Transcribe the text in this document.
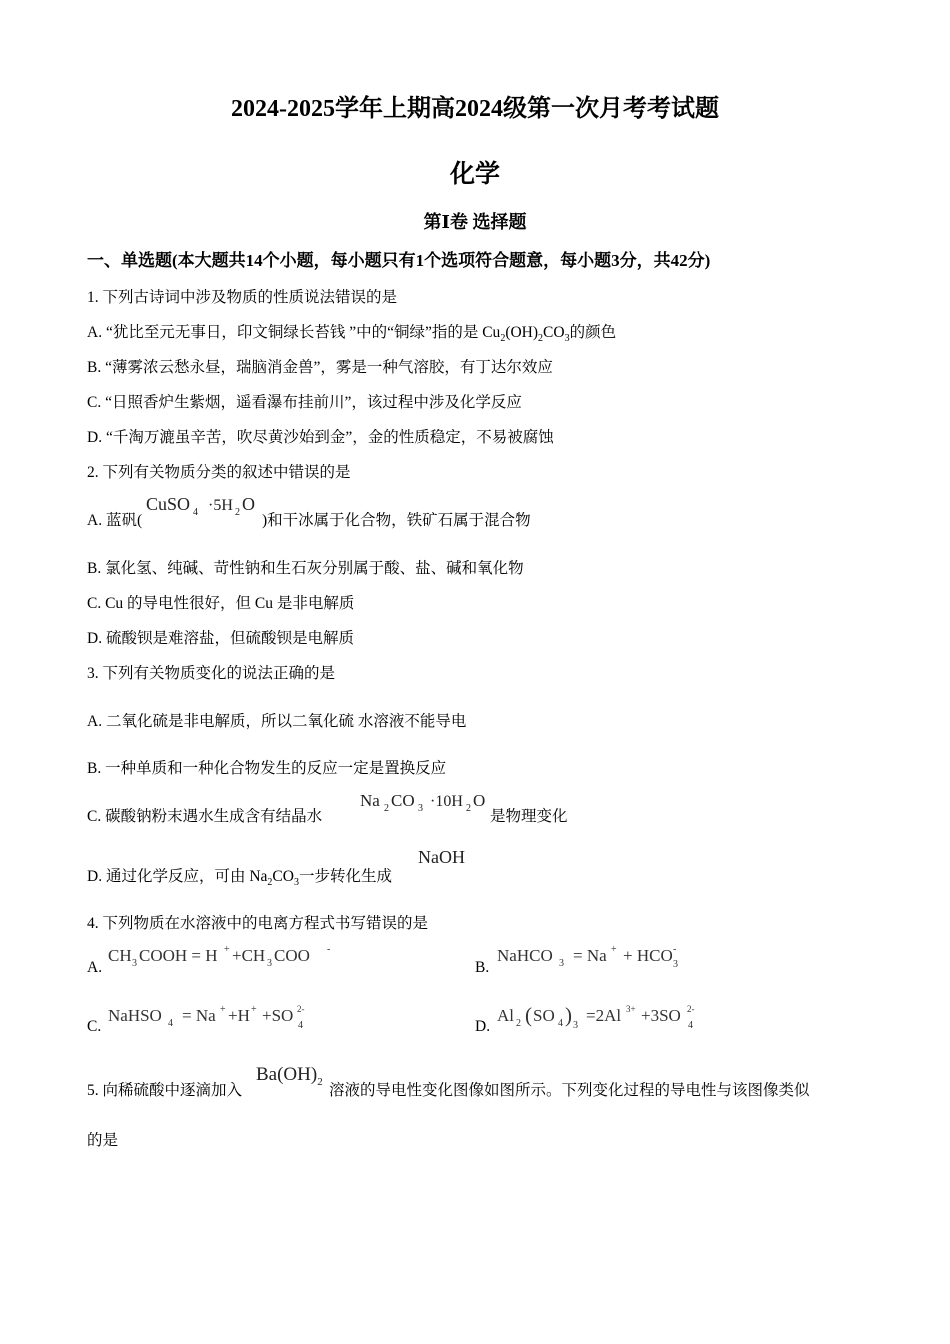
2024-2025学年上期高2024级第一次月考考试题
化学
第Ⅰ卷 选择题
一、单选题(本大题共14个小题，每小题只有1个选项符合题意，每小题3分，共42分)
1. 下列古诗词中涉及物质的性质说法错误的是
A. “犹比至元无事日，印文铜绿长苔钱 ”中的“铜绿”指的是 $Cu_2(OH)_2CO_3$的颜色
B. “薄雾浓云愁永昼，瑞脑消金兽”，雾是一种气溶胶，有丁达尔效应
C. “日照香炉生紫烟，遥看瀑布挂前川”，该过程中涉及化学反应
D. “千淘万漉虽辛苦，吹尽黄沙始到金”，金的性质稳定，不易被腐蚀
2. 下列有关物质分类的叙述中错误的是
A. 蓝矾(
CuSO 4 ·5H 2 O
)和干冰属于化合物，铁矿石属于混合物
B. 氯化氢、纯碱、苛性钠和生石灰分别属于酸、盐、碱和氧化物
C. Cu 的导电性很好，但 Cu 是非电解质
D. 硫酸钡是难溶盐，但硫酸钡是电解质
3. 下列有关物质变化的说法正确的是
A. 二氧化硫是非电解质，所以二氧化硫 水溶液不能导电
B. 一种单质和一种化合物发生的反应一定是置换反应
C. 碳酸钠粉末遇水生成含有结晶水
Na 2 CO 3 ·10H 2 O
是物理变化
D. 通过化学反应，可由 $Na_2CO_3$一步转化生成
NaOH
4. 下列物质在水溶液中的电离方程式书写错误的是
A.
CH 3 COOH = H + +CH 3 COO -
B.
NaHCO 3 = Na + + HCO -
3
C.
NaHSO 4 = Na + +H + +SO 2-
4	D.
Al 2 ( SO 4 ) 3
=2Al 3+ +3SO 2-
4
5. 向稀硫酸中逐滴加入
$Ba(OH)_2$
溶液的导电性变化图像如图所示。下列变化过程的导电性与该图像类似
的是
